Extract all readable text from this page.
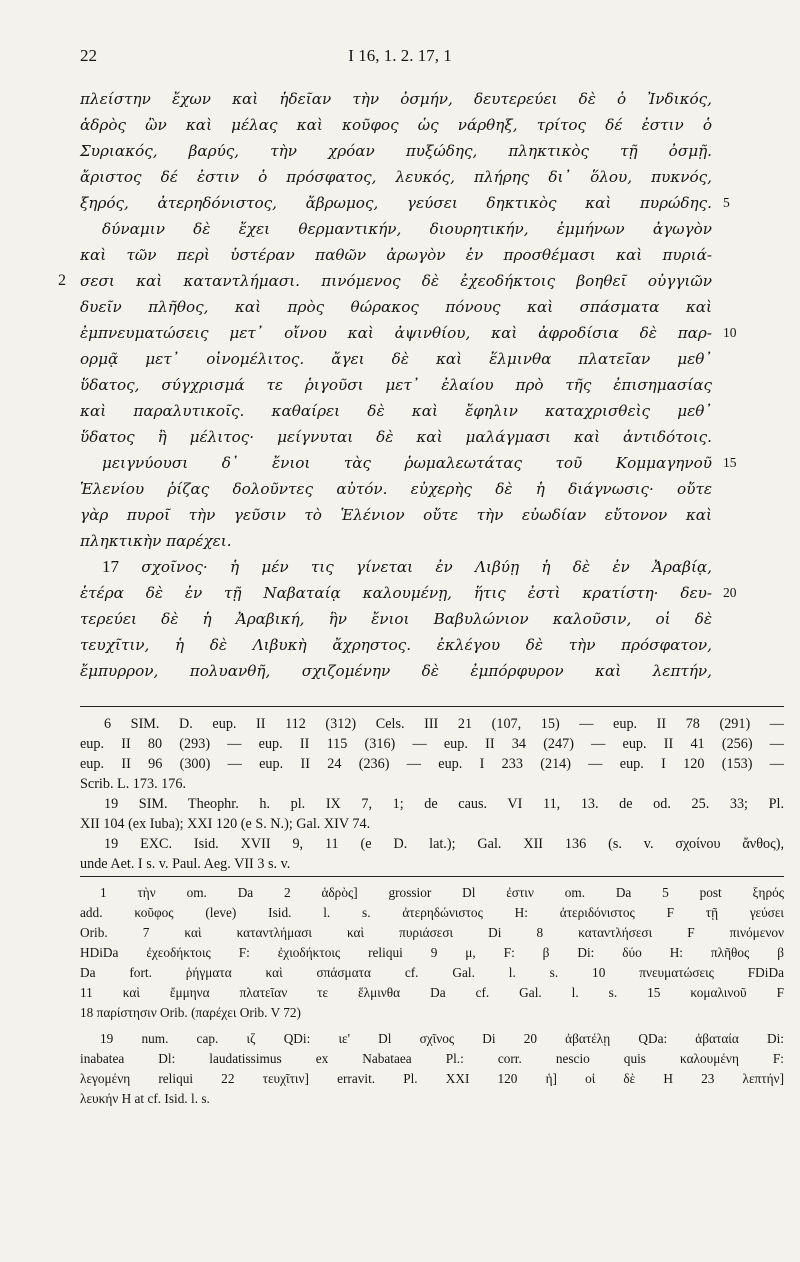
22	I 16, 1. 2. 17, 1
πλείστην ἔχων καὶ ἡδεῖαν τὴν ὀσμήν, δευτερεύει δὲ ὁ Ἰνδικός,
ἁδρὸς ὢν καὶ μέλας καὶ κοῦφος ὡς νάρθηξ, τρίτος δέ ἐστιν ὁ
Συριακός, βαρύς, τὴν χρόαν πυξώδης, πληκτικὸς τῇ ὀσμῇ.
ἄριστος δέ ἐστιν ὁ πρόσφατος, λευκός, πλήρης δι᾽ ὅλου, πυκνός,
ξηρός, ἀτερηδόνιστος, ἄβρωμος, γεύσει δηκτικὸς καὶ πυρώδης. 5
δύναμιν δὲ ἔχει θερμαντικήν, διουρητικήν, ἐμμήνων ἀγωγὸν
καὶ τῶν περὶ ὑστέραν παθῶν ἀρωγὸν ἐν προσθέμασι καὶ πυριά-
σεσι καὶ καταντλήμασι. πινόμενος δὲ ἐχεοδήκτοις βοηθεῖ οὐγγιῶν
2
δυεῖν πλῆθος, καὶ πρὸς θώρακος πόνους καὶ σπάσματα καὶ
ἐμπνευματώσεις μετ᾽ οἴνου καὶ ἀψινθίου, καὶ ἀφροδίσια δὲ παρ- 10
ορμᾷ μετ᾽ οἰνομέλιτος. ἄγει δὲ καὶ ἕλμινθα πλατεῖαν μεθ᾽
ὕδατος, σύγχρισμά τε ῥιγοῦσι μετ᾽ ἐλαίου πρὸ τῆς ἐπισημασίας
καὶ παραλυτικοῖς. καθαίρει δὲ καὶ ἔφηλιν καταχρισθεὶς μεθ᾽
ὕδατος ἢ μέλιτος· μείγνυται δὲ καὶ μαλάγμασι καὶ ἀντιδότοις.
μειγνύουσι δ᾽ ἔνιοι τὰς ῥωμαλεωτάτας τοῦ Κομμαγηνοῦ 15
Ἑλενίου ῥίζας δολοῦντες αὐτόν. εὐχερὴς δὲ ἡ διάγνωσις· οὔτε
γὰρ πυροῖ τὴν γεῦσιν τὸ Ἑλένιον οὔτε τὴν εὐωδίαν εὔτονον καὶ
πληκτικὴν παρέχει.
17 σχοῖνος· ἡ μέν τις γίνεται ἐν Λιβύῃ ἡ δὲ ἐν Ἀραβίᾳ,
ἑτέρα δὲ ἐν τῇ Ναβαταίᾳ καλουμένῃ, ἥτις ἐστὶ κρατίστη· δευ- 20
τερεύει δὲ ἡ Ἀραβική, ἣν ἔνιοι Βαβυλώνιον καλοῦσιν, οἱ δὲ
τευχῖτιν, ἡ δὲ Λιβυκὴ ἄχρηστος. ἐκλέγου δὲ τὴν πρόσφατον,
ἔμπυρρον, πολυανθῆ, σχιζομένην δὲ ἐμπόρφυρον καὶ λεπτήν,
6 SIM. D. eup. II 112 (312) Cels. III 21 (107, 15) — eup. II 78 (291) —
eup. II 80 (293) — eup. II 115 (316) — eup. II 34 (247) — eup. II 41 (256) —
eup. II 96 (300) — eup. II 24 (236) — eup. I 233 (214) — eup. I 120 (153) —
Scrib. L. 173. 176.
19 SIM. Theophr. h. pl. IX 7, 1; de caus. VI 11, 13. de od. 25. 33; Pl.
XII 104 (ex Iuba); XXI 120 (e S. N.); Gal. XIV 74.
19 EXC. Isid. XVII 9, 11 (e D. lat.); Gal. XII 136 (s. v. σχοίνου ἄνθος),
unde Aet. I s. v. Paul. Aeg. VII 3 s. v.
1 τὴν om. Da 2 ἁδρὸς] grossior Dl ἐστιν om. Da 5 post ξηρός
add. κοῦφος (leve) Isid. l. s. ἀτερηδώνιστος H: ἀτεριδόνιστος F τῇ γεύσει
Orib. 7 καὶ καταντλήμασι καὶ πυριάσεσι Di 8 καταντλήσεσι F πινόμενον
HDiDa ἐχεοδήκτοις F: ἐχιοδήκτοις reliqui 9 μ, F: β Di: δύο H: πλῆθος β
Da fort. ῥήγματα καὶ σπάσματα cf. Gal. l. s. 10 πνευματώσεις FDiDa
11 καὶ ἔμμηνα πλατεῖαν τε ἕλμινθα Da cf. Gal. l. s. 15 κομαλινοῦ F
18 παρίστησιν Orib. (παρέχει Orib. V 72)
19 num. cap. ιζ QDi: ιε' Dl σχῖνος Di 20 ἀβατέλῃ QDa: ἀβαταία Di:
inabatea Dl: laudatissimus ex Nabataea Pl.: corr. nescio quis καλουμένη F:
λεγομένη reliqui 22 τευχῖτιν] erravit. Pl. XXI 120 ἡ] οἱ δὲ H 23 λεπτήν]
λευκήν H at cf. Isid. l. s.
